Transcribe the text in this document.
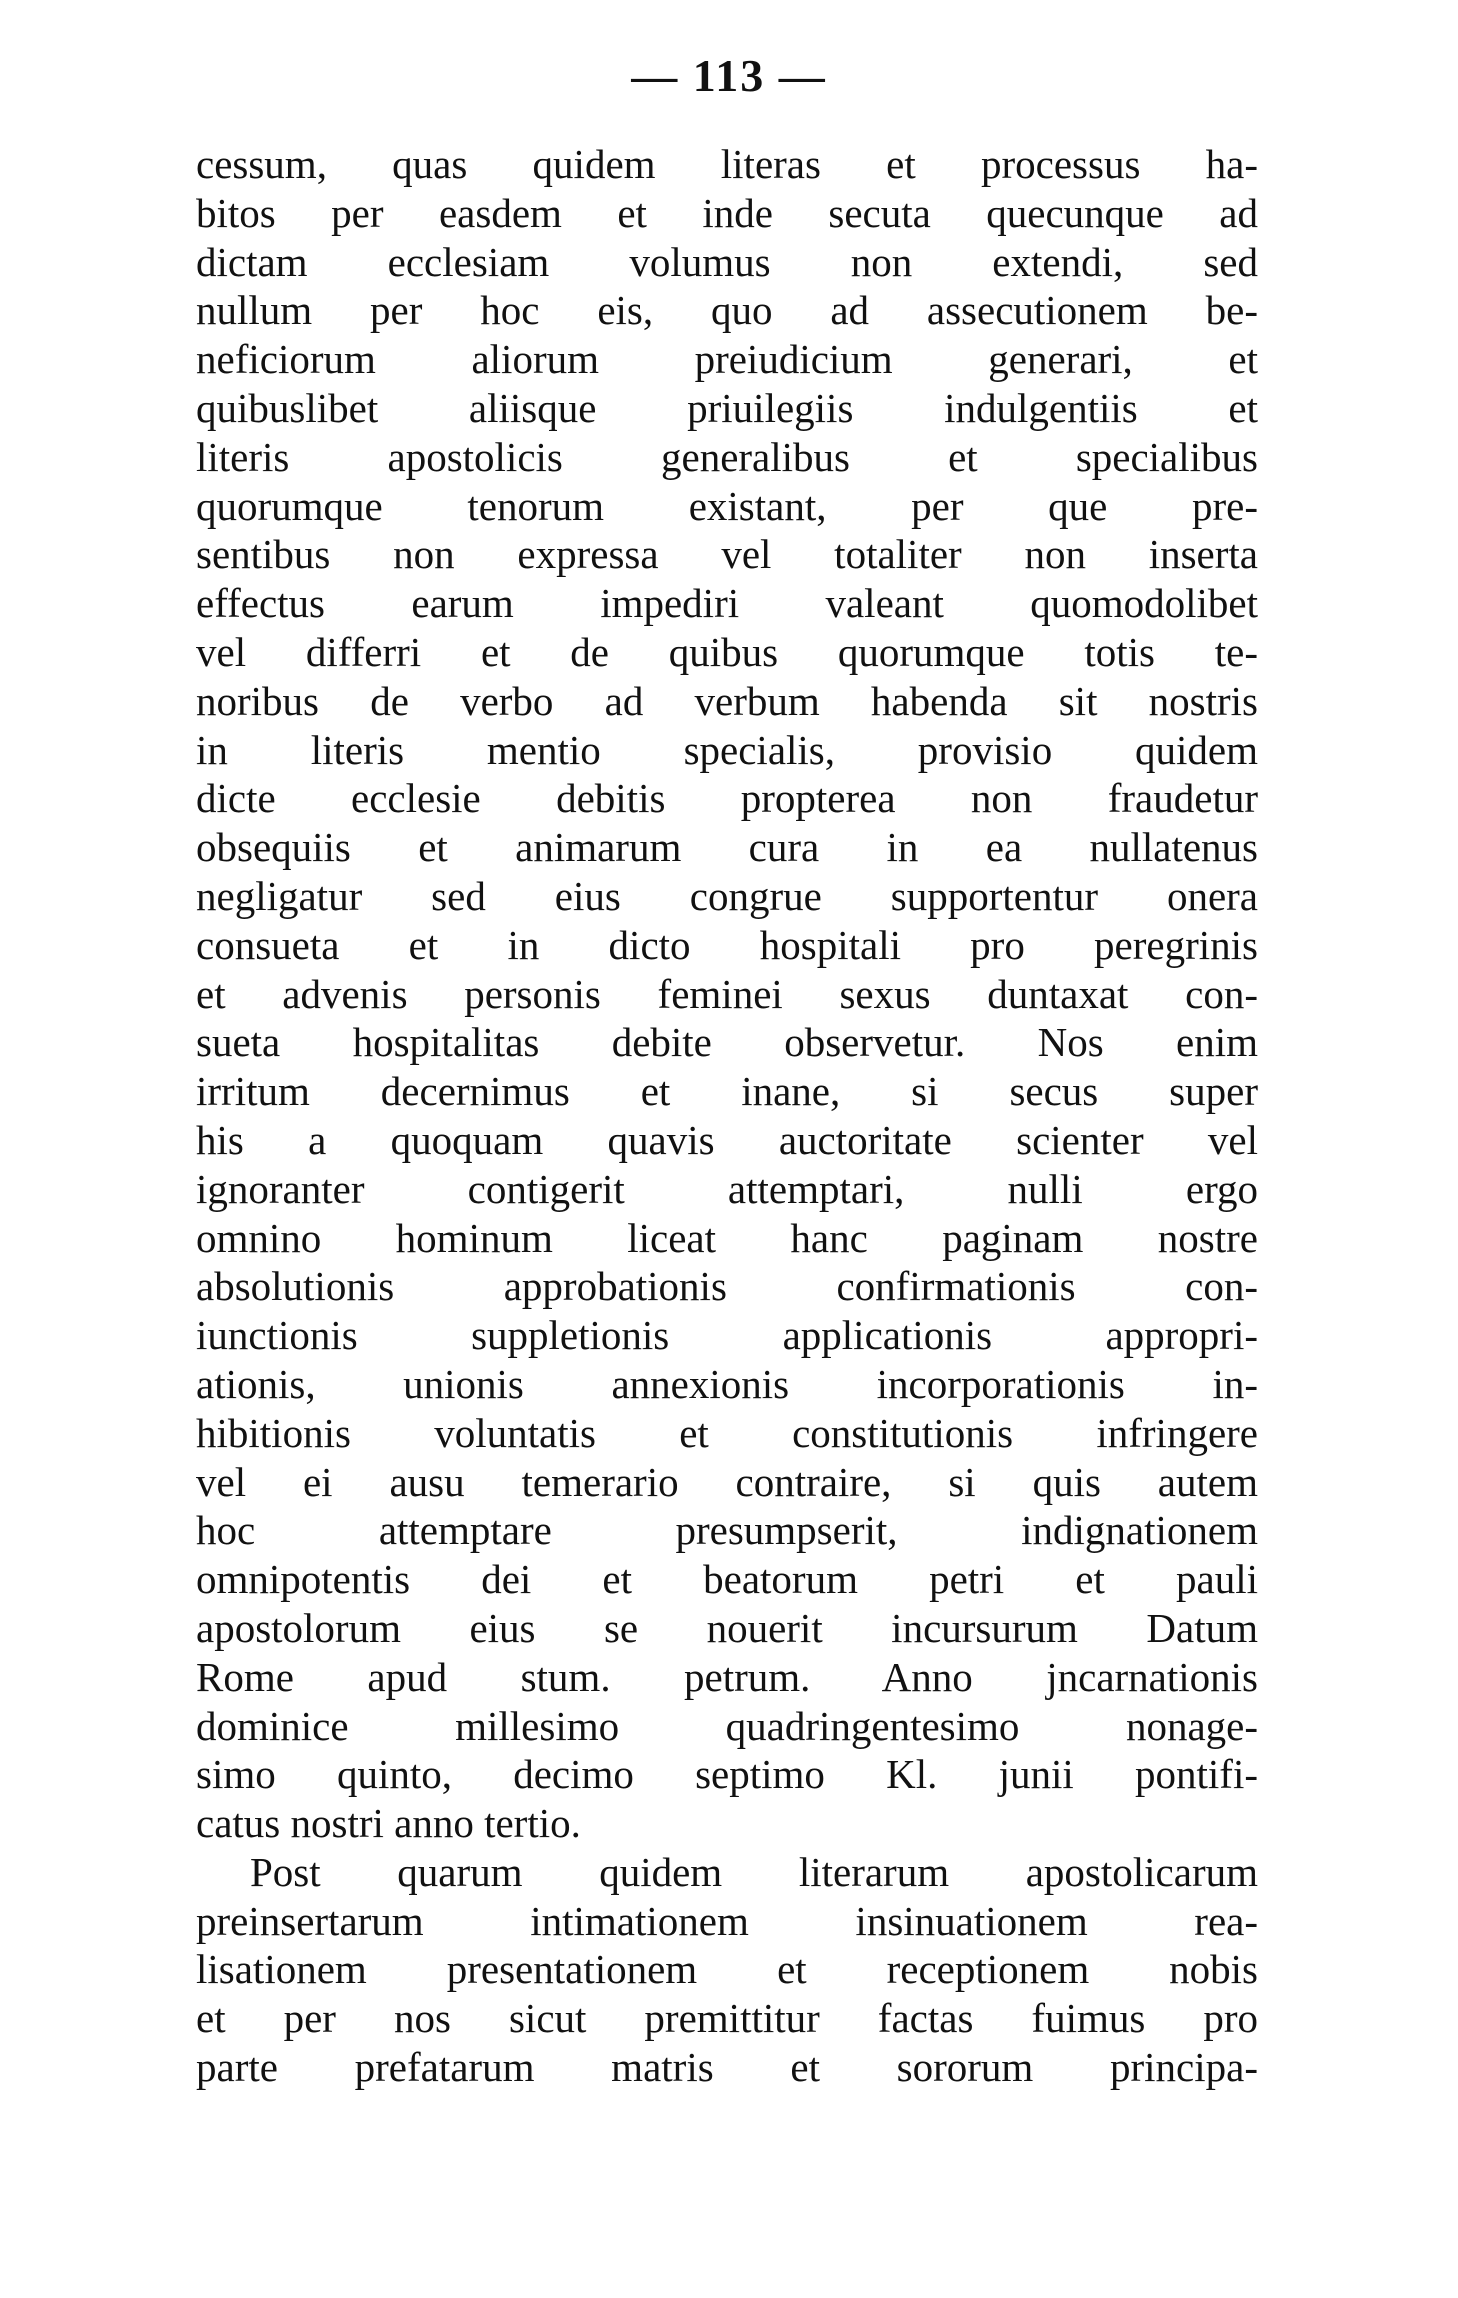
— 113 —
cessum, quas quidem literas et processus ha-
bitos per easdem et inde secuta quecunque ad
dictam ecclesiam volumus non extendi, sed
nullum per hoc eis, quo ad assecutionem be-
neficiorum aliorum preiudicium generari, et
quibuslibet aliisque priuilegiis indulgentiis et
literis apostolicis generalibus et specialibus
quorumque tenorum existant, per que pre-
sentibus non expressa vel totaliter non inserta
effectus earum impediri valeant quomodolibet
vel differri et de quibus quorumque totis te-
noribus de verbo ad verbum habenda sit nostris
in literis mentio specialis, provisio quidem
dicte ecclesie debitis propterea non fraudetur
obsequiis et animarum cura in ea nullatenus
negligatur sed eius congrue supportentur onera
consueta et in dicto hospitali pro peregrinis
et advenis personis feminei sexus duntaxat con-
sueta hospitalitas debite observetur. Nos enim
irritum decernimus et inane, si secus super
his a quoquam quavis auctoritate scienter vel
ignoranter contigerit attemptari, nulli ergo
omnino hominum liceat hanc paginam nostre
absolutionis approbationis confirmationis con-
iunctionis suppletionis applicationis appropri-
ationis, unionis annexionis incorporationis in-
hibitionis voluntatis et constitutionis infringere
vel ei ausu temerario contraire, si quis autem
hoc attemptare presumpserit, indignationem
omnipotentis dei et beatorum petri et pauli
apostolorum eius se nouerit incursurum Datum
Rome apud stum. petrum. Anno jncarnationis
dominice millesimo quadringentesimo nonage-
simo quinto, decimo septimo Kl. junii pontifi-
catus nostri anno tertio.
Post quarum quidem literarum apostolicarum
preinsertarum intimationem insinuationem rea-
lisationem presentationem et receptionem nobis
et per nos sicut premittitur factas fuimus pro
parte prefatarum matris et sororum principa-
